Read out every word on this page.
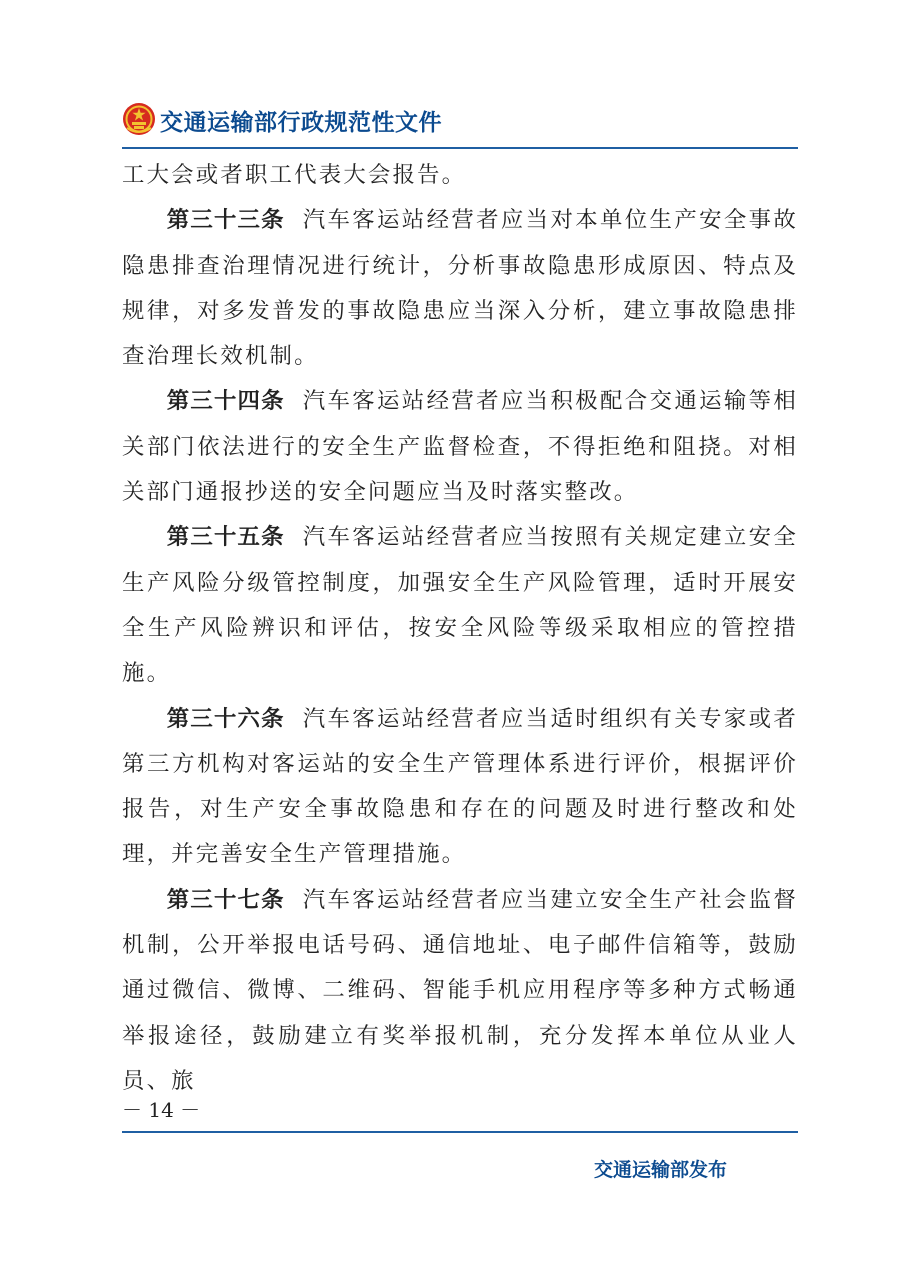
交通运输部行政规范性文件

工大会或者职工代表大会报告。

第三十三条 汽车客运站经营者应当对本单位生产安全事故隐患排查治理情况进行统计，分析事故隐患形成原因、特点及规律，对多发普发的事故隐患应当深入分析，建立事故隐患排查治理长效机制。

第三十四条 汽车客运站经营者应当积极配合交通运输等相关部门依法进行的安全生产监督检查，不得拒绝和阻挠。对相关部门通报抄送的安全问题应当及时落实整改。

第三十五条 汽车客运站经营者应当按照有关规定建立安全生产风险分级管控制度，加强安全生产风险管理，适时开展安全生产风险辨识和评估，按安全风险等级采取相应的管控措施。

第三十六条 汽车客运站经营者应当适时组织有关专家或者第三方机构对客运站的安全生产管理体系进行评价，根据评价报告，对生产安全事故隐患和存在的问题及时进行整改和处理，并完善安全生产管理措施。

第三十七条 汽车客运站经营者应当建立安全生产社会监督机制，公开举报电话号码、通信地址、电子邮件信箱等，鼓励通过微信、微博、二维码、智能手机应用程序等多种方式畅通举报途径，鼓励建立有奖举报机制，充分发挥本单位从业人员、旅

－ 14 －
交通运输部发布
